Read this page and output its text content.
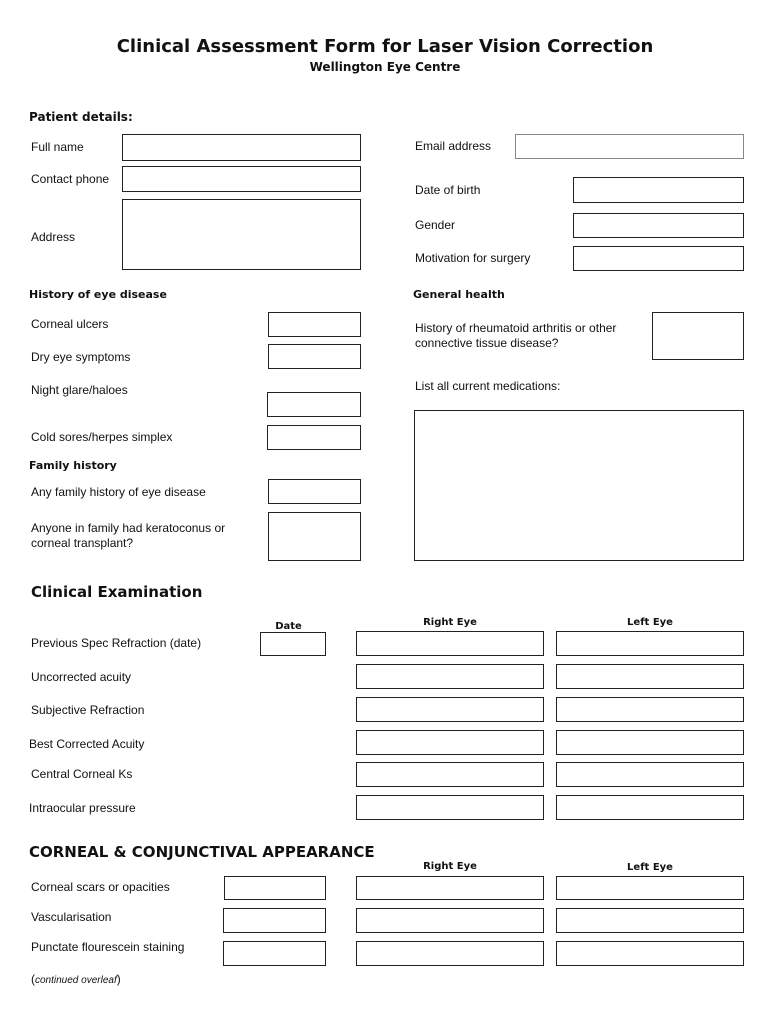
Clinical Assessment Form for Laser Vision Correction
Wellington Eye Centre
Patient details:
Full name
Contact phone
Address
Email address
Date of birth
Gender
Motivation for surgery
History of eye disease
Corneal ulcers
Dry eye symptoms
Night glare/haloes
Cold sores/herpes simplex
Family history
Any family history of eye disease
Anyone in family had keratoconus or corneal transplant?
General health
History of rheumatoid arthritis or other connective tissue disease?
List all current medications:
Clinical Examination
Date	Right Eye	Left Eye
Previous Spec Refraction (date)
Uncorrected acuity
Subjective Refraction
Best Corrected Acuity
Central Corneal Ks
Intraocular pressure
CORNEAL & CONJUNCTIVAL APPEARANCE
Right Eye	Left Eye
Corneal scars or opacities
Vascularisation
Punctate flourescein staining
(continued overleaf)
